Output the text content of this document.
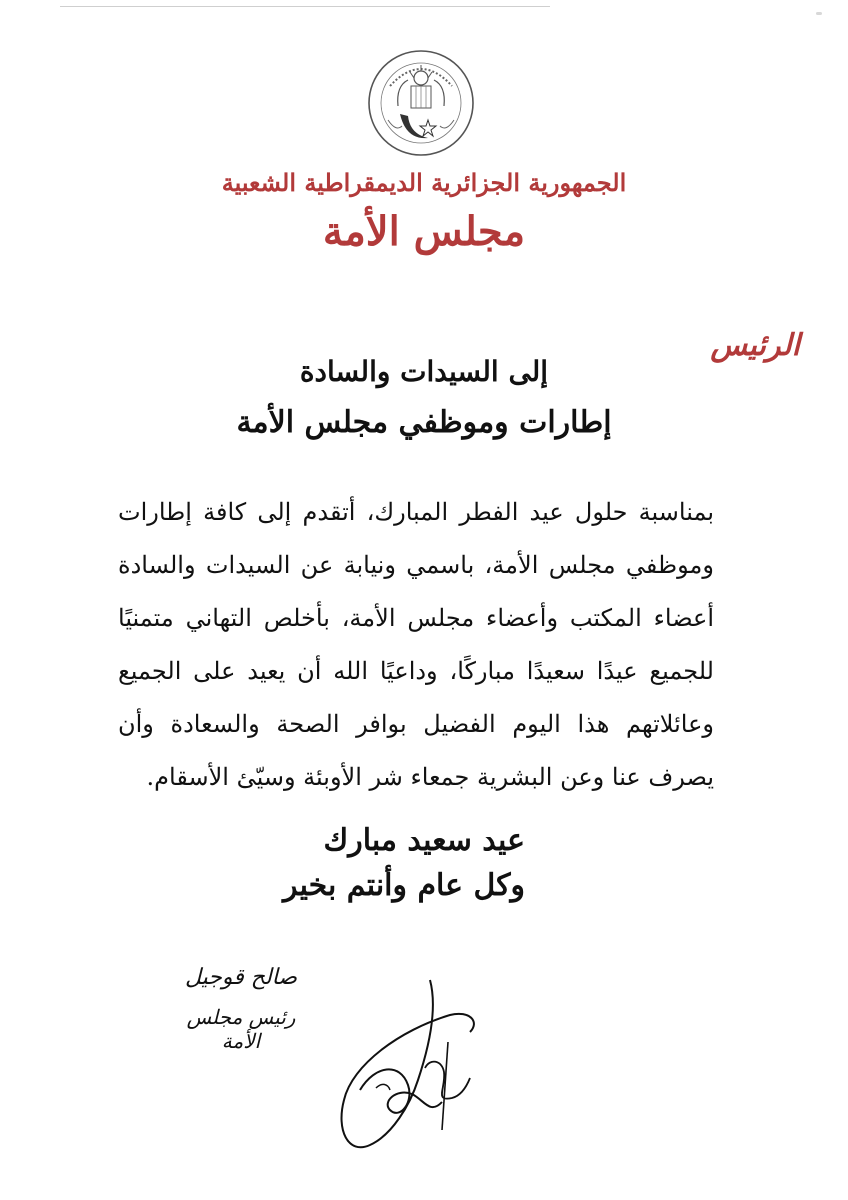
الجمهورية الجزائرية الديمقراطية الشعبية
مجلس الأمة
الرئيس
إلى السيدات والسادة
إطارات وموظفي مجلس الأمة
بمناسبة حلول عيد الفطر المبارك، أتقدم إلى كافة إطارات وموظفي مجلس الأمة، باسمي ونيابة عن السيدات والسادة أعضاء المكتب وأعضاء مجلس الأمة، بأخلص التهاني متمنيًا للجميع عيدًا سعيدًا مباركًا، وداعيًا الله أن يعيد على الجميع وعائلاتهم هذا اليوم الفضيل بوافر الصحة والسعادة وأن يصرف عنا وعن البشرية جمعاء شر الأوبئة وسيّئ الأسقام.
عيد سعيد مبارك
وكل عام وأنتم بخير
صالح قوجيل
رئيس مجلس الأمة
